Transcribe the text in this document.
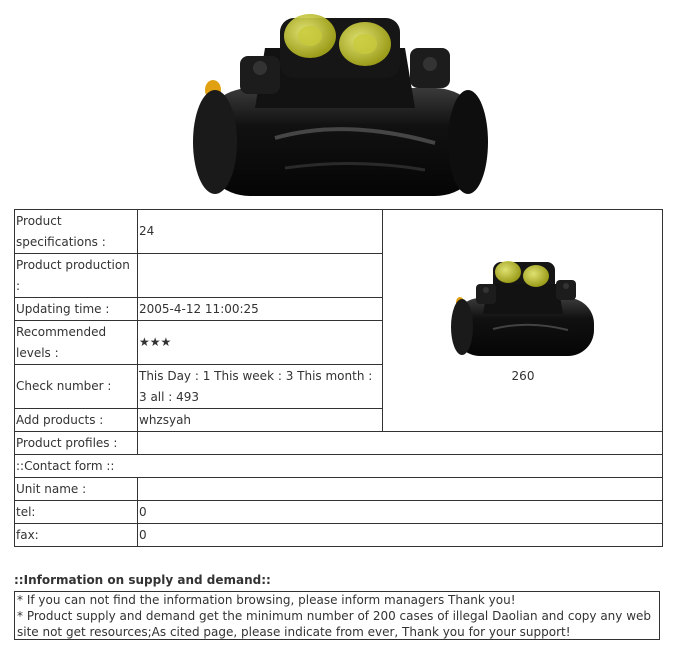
Product specifications :	24	260

Product production :		
Updating time :	2005-4-12 11:00:25	
Recommended levels :	★★★	
Check number :	This Day : 1 This week : 3 This month : 3 all : 493	
Add products :	whzsyah	
Product profiles :		
::Contact form ::		
Unit name :		
tel:	0	
fax:	0	
::Information on supply and demand::
* If you can not find the information browsing, please inform managers Thank you!
* Product supply and demand get the minimum number of 200 cases of illegal Daolian and copy any web site not get resources;As cited page, please indicate from ever, Thank you for your support!
